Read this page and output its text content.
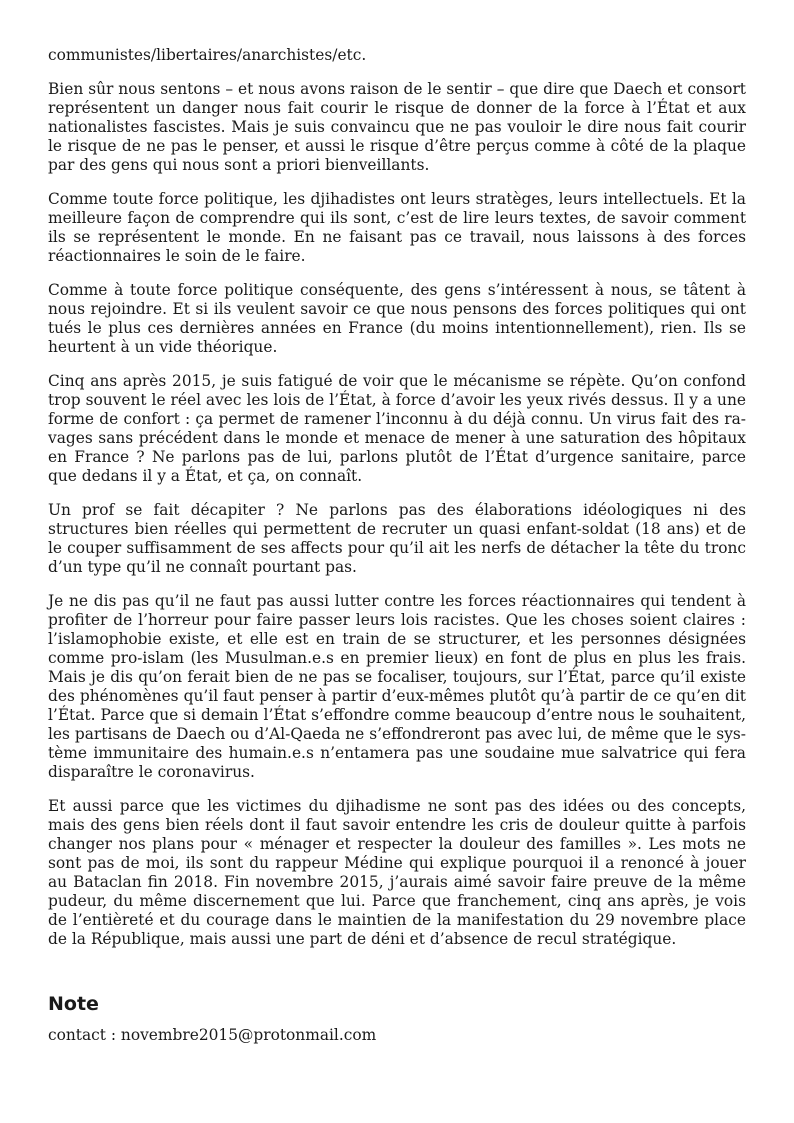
communistes/libertaires/anarchistes/etc.

Bien sûr nous sentons – et nous avons raison de le sentir – que dire que Daech et consort représentent un danger nous fait courir le risque de donner de la force à l’État et aux nationalistes fascistes. Mais je suis convaincu que ne pas vouloir le dire nous fait courir le risque de ne pas le penser, et aussi le risque d’être perçus comme à côté de la plaque par des gens qui nous sont a priori bienveillants.

Comme toute force politique, les djihadistes ont leurs stratèges, leurs intellectuels. Et la meilleure façon de comprendre qui ils sont, c’est de lire leurs textes, de savoir comment ils se représentent le monde. En ne faisant pas ce travail, nous laissons à des forces réactionnaires le soin de le faire.

Comme à toute force politique conséquente, des gens s’intéressent à nous, se tâtent à nous rejoindre. Et si ils veulent savoir ce que nous pensons des forces politiques qui ont tués le plus ces dernières années en France (du moins intentionnellement), rien. Ils se heurtent à un vide théorique.

Cinq ans après 2015, je suis fatigué de voir que le mécanisme se répète. Qu’on confond trop souvent le réel avec les lois de l’État, à force d’avoir les yeux rivés dessus. Il y a une forme de confort : ça permet de ramener l’inconnu à du déjà connu. Un virus fait des ravages sans précédent dans le monde et menace de mener à une saturation des hôpitaux en France ? Ne parlons pas de lui, parlons plutôt de l’État d’urgence sanitaire, parce que dedans il y a État, et ça, on connaît.

Un prof se fait décapiter ? Ne parlons pas des élaborations idéologiques ni des structures bien réelles qui permettent de recruter un quasi enfant-soldat (18 ans) et de le couper suffisamment de ses affects pour qu’il ait les nerfs de détacher la tête du tronc d’un type qu’il ne connaît pourtant pas.

Je ne dis pas qu’il ne faut pas aussi lutter contre les forces réactionnaires qui tendent à profiter de l’horreur pour faire passer leurs lois racistes. Que les choses soient claires : l’islamophobie existe, et elle est en train de se structurer, et les personnes désignées comme pro-islam (les Musulman.e.s en premier lieux) en font de plus en plus les frais. Mais je dis qu’on ferait bien de ne pas se focaliser, toujours, sur l’État, parce qu’il existe des phénomènes qu’il faut penser à partir d’eux-mêmes plutôt qu’à partir de ce qu’en dit l’État. Parce que si demain l’État s’effondre comme beaucoup d’entre nous le souhaitent, les partisans de Daech ou d’Al-Qaeda ne s’effondreront pas avec lui, de même que le système immunitaire des humain.e.s n’entamera pas une soudaine mue salvatrice qui fera disparaître le coronavirus.

Et aussi parce que les victimes du djihadisme ne sont pas des idées ou des concepts, mais des gens bien réels dont il faut savoir entendre les cris de douleur quitte à parfois changer nos plans pour « ménager et respecter la douleur des familles ». Les mots ne sont pas de moi, ils sont du rappeur Médine qui explique pourquoi il a renoncé à jouer au Bataclan fin 2018. Fin novembre 2015, j’aurais aimé savoir faire preuve de la même pudeur, du même discernement que lui. Parce que franchement, cinq ans après, je vois de l’entièreté et du courage dans le maintien de la manifestation du 29 novembre place de la République, mais aussi une part de déni et d’absence de recul stratégique.

Note

contact : novembre2015@protonmail.com
